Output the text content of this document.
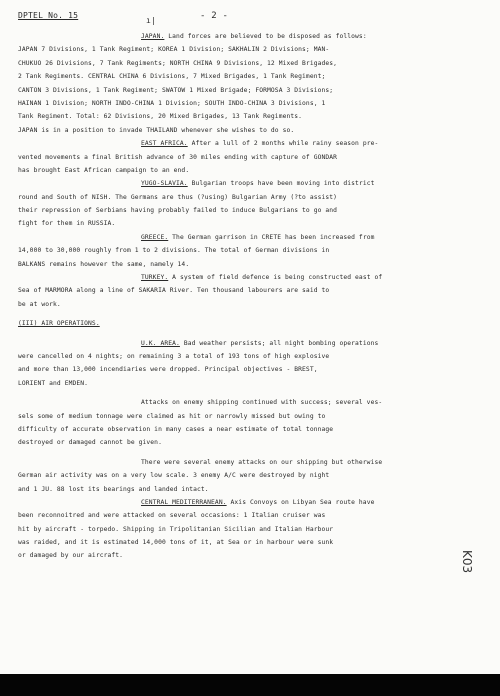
DPTEL No. 15
ı|	- 2 -
JAPAN. Land forces are believed to be disposed as follows:
JAPAN 7 Divisions, 1 Tank Regiment; KOREA 1 Division; SAKHALIN 2 Divisions; MAN-
CHUKUO 26 Divisions, 7 Tank Regiments; NORTH CHINA 9 Divisions, 12 Mixed Brigades,
2 Tank Regiments. CENTRAL CHINA 6 Divisions, 7 Mixed Brigades, 1 Tank Regiment;
CANTON 3 Divisions, 1 Tank Regiment; SWATOW 1 Mixed Brigade; FORMOSA 3 Divisions;
HAINAN 1 Division; NORTH INDO-CHINA 1 Division; SOUTH INDO-CHINA 3 Divisions, 1
Tank Regiment. Total: 62 Divisions, 20 Mixed Brigades, 13 Tank Regiments.
JAPAN is in a position to invade THAILAND whenever she wishes to do so.
EAST AFRICA. After a lull of 2 months while rainy season pre-
vented movements a final British advance of 30 miles ending with capture of GONDAR
has brought East African campaign to an end.
YUGO-SLAVIA. Bulgarian troops have been moving into district
round and South of NISH. The Germans are thus (?using) Bulgarian Army (?to assist)
their repression of Serbians having probably failed to induce Bulgarians to go and
fight for them in RUSSIA.
GREECE. The German garrison in CRETE has been increased from
14,000 to 30,000 roughly from 1 to 2 divisions. The total of German divisions in
BALKANS remains however the same, namely 14.
TURKEY. A system of field defence is being constructed east of
Sea of MARMORA along a line of SAKARIA River. Ten thousand labourers are said to
be at work.
(III) AIR OPERATIONS.
U.K. AREA. Bad weather persists; all night bombing operations
were cancelled on 4 nights; on remaining 3 a total of 193 tons of high explosive
and more than 13,000 incendiaries were dropped. Principal objectives - BREST,
LORIENT and EMDEN.
Attacks on enemy shipping continued with success; several ves-
sels some of medium tonnage were claimed as hit or narrowly missed but owing to
difficulty of accurate observation in many cases a near estimate of total tonnage
destroyed or damaged cannot be given.
There were several enemy attacks on our shipping but otherwise
German air activity was on a very low scale. 3 enemy A/C were destroyed by night
and 1 JU. 88 lost its bearings and landed intact.
CENTRAL MEDITERRANEAN. Axis Convoys on Libyan Sea route have
been reconnoitred and were attacked on several occasions: 1 Italian cruiser was
hit by aircraft - torpedo. Shipping in Tripolitanian Sicilian and Italian Harbour
was raided, and it is estimated 14,000 tons of it, at Sea or in harbour were sunk
or damaged by our aircraft.	K03
